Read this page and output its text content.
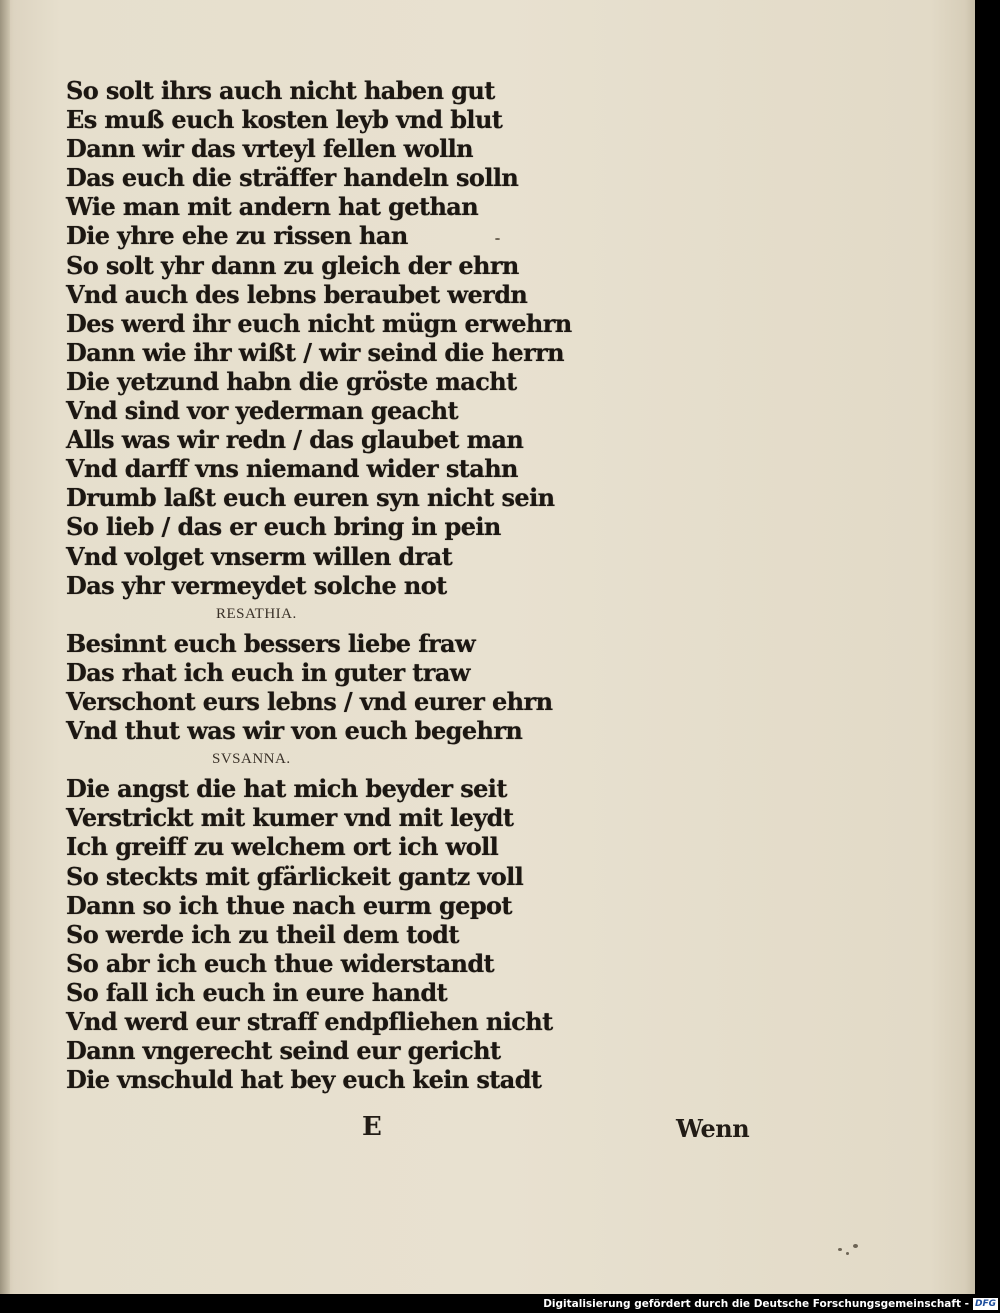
So solt ihrs auch nicht haben gut
Es muß euch kosten leyb vnd blut
Dann wir das vrteyl fellen wolln
Das euch die sträffer handeln solln
Wie man mit andern hat gethan
Die yhre ehe zu rissen han
So solt yhr dann zu gleich der ehrn
Vnd auch des lebns beraubet werdn
Des werd ihr euch nicht mügn erwehrn
Dann wie ihr wißt / wir seind die herrn
Die yetzund habn die gröste macht
Vnd sind vor yederman geacht
Alls was wir redn / das glaubet man
Vnd darff vns niemand wider stahn
Drumb laßt euch euren syn nicht sein
So lieb / das er euch bring in pein
Vnd volget vnserm willen drat
Das yhr vermeydet solche not
RESATHIA.
Besinnt euch bessers liebe fraw
Das rhat ich euch in guter traw
Verschont eurs lebns / vnd eurer ehrn
Vnd thut was wir von euch begehrn
SVSANNA.
Die angst die hat mich beyder seit
Verstrickt mit kumer vnd mit leydt
Ich greiff zu welchem ort ich woll
So steckts mit gfärlickeit gantz voll
Dann so ich thue nach eurm gepot
So werde ich zu theil dem todt
So abr ich euch thue widerstandt
So fall ich euch in eure handt
Vnd werd eur straff endpfliehen nicht
Dann vngerecht seind eur gericht
Die vnschuld hat bey euch kein stadt
E	Wenn
Digitalisierung gefördert durch die Deutsche Forschungsgemeinschaft - DFG
